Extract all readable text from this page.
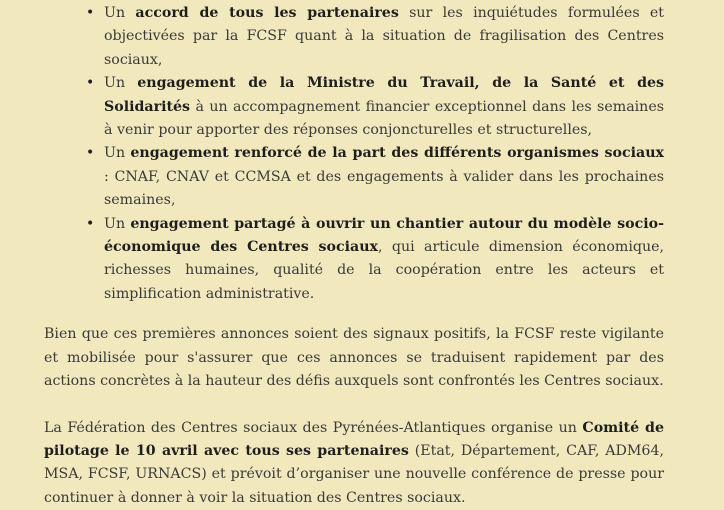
• Un accord de tous les partenaires sur les inquiétudes formulées et objectivées par la FCSF quant à la situation de fragilisation des Centres sociaux,
• Un engagement de la Ministre du Travail, de la Santé et des Solidarités à un accompagnement financier exceptionnel dans les semaines à venir pour apporter des réponses conjoncturelles et structurelles,
• Un engagement renforcé de la part des différents organismes sociaux : CNAF, CNAV et CCMSA et des engagements à valider dans les prochaines semaines,
• Un engagement partagé à ouvrir un chantier autour du modèle socio-économique des Centres sociaux, qui articule dimension économique, richesses humaines, qualité de la coopération entre les acteurs et simplification administrative.

Bien que ces premières annonces soient des signaux positifs, la FCSF reste vigilante et mobilisée pour s'assurer que ces annonces se traduisent rapidement par des actions concrètes à la hauteur des défis auxquels sont confrontés les Centres sociaux.

La Fédération des Centres sociaux des Pyrénées-Atlantiques organise un Comité de pilotage le 10 avril avec tous ses partenaires (Etat, Département, CAF, ADM64, MSA, FCSF, URNACS) et prévoit d’organiser une nouvelle conférence de presse pour continuer à donner à voir la situation des Centres sociaux.
